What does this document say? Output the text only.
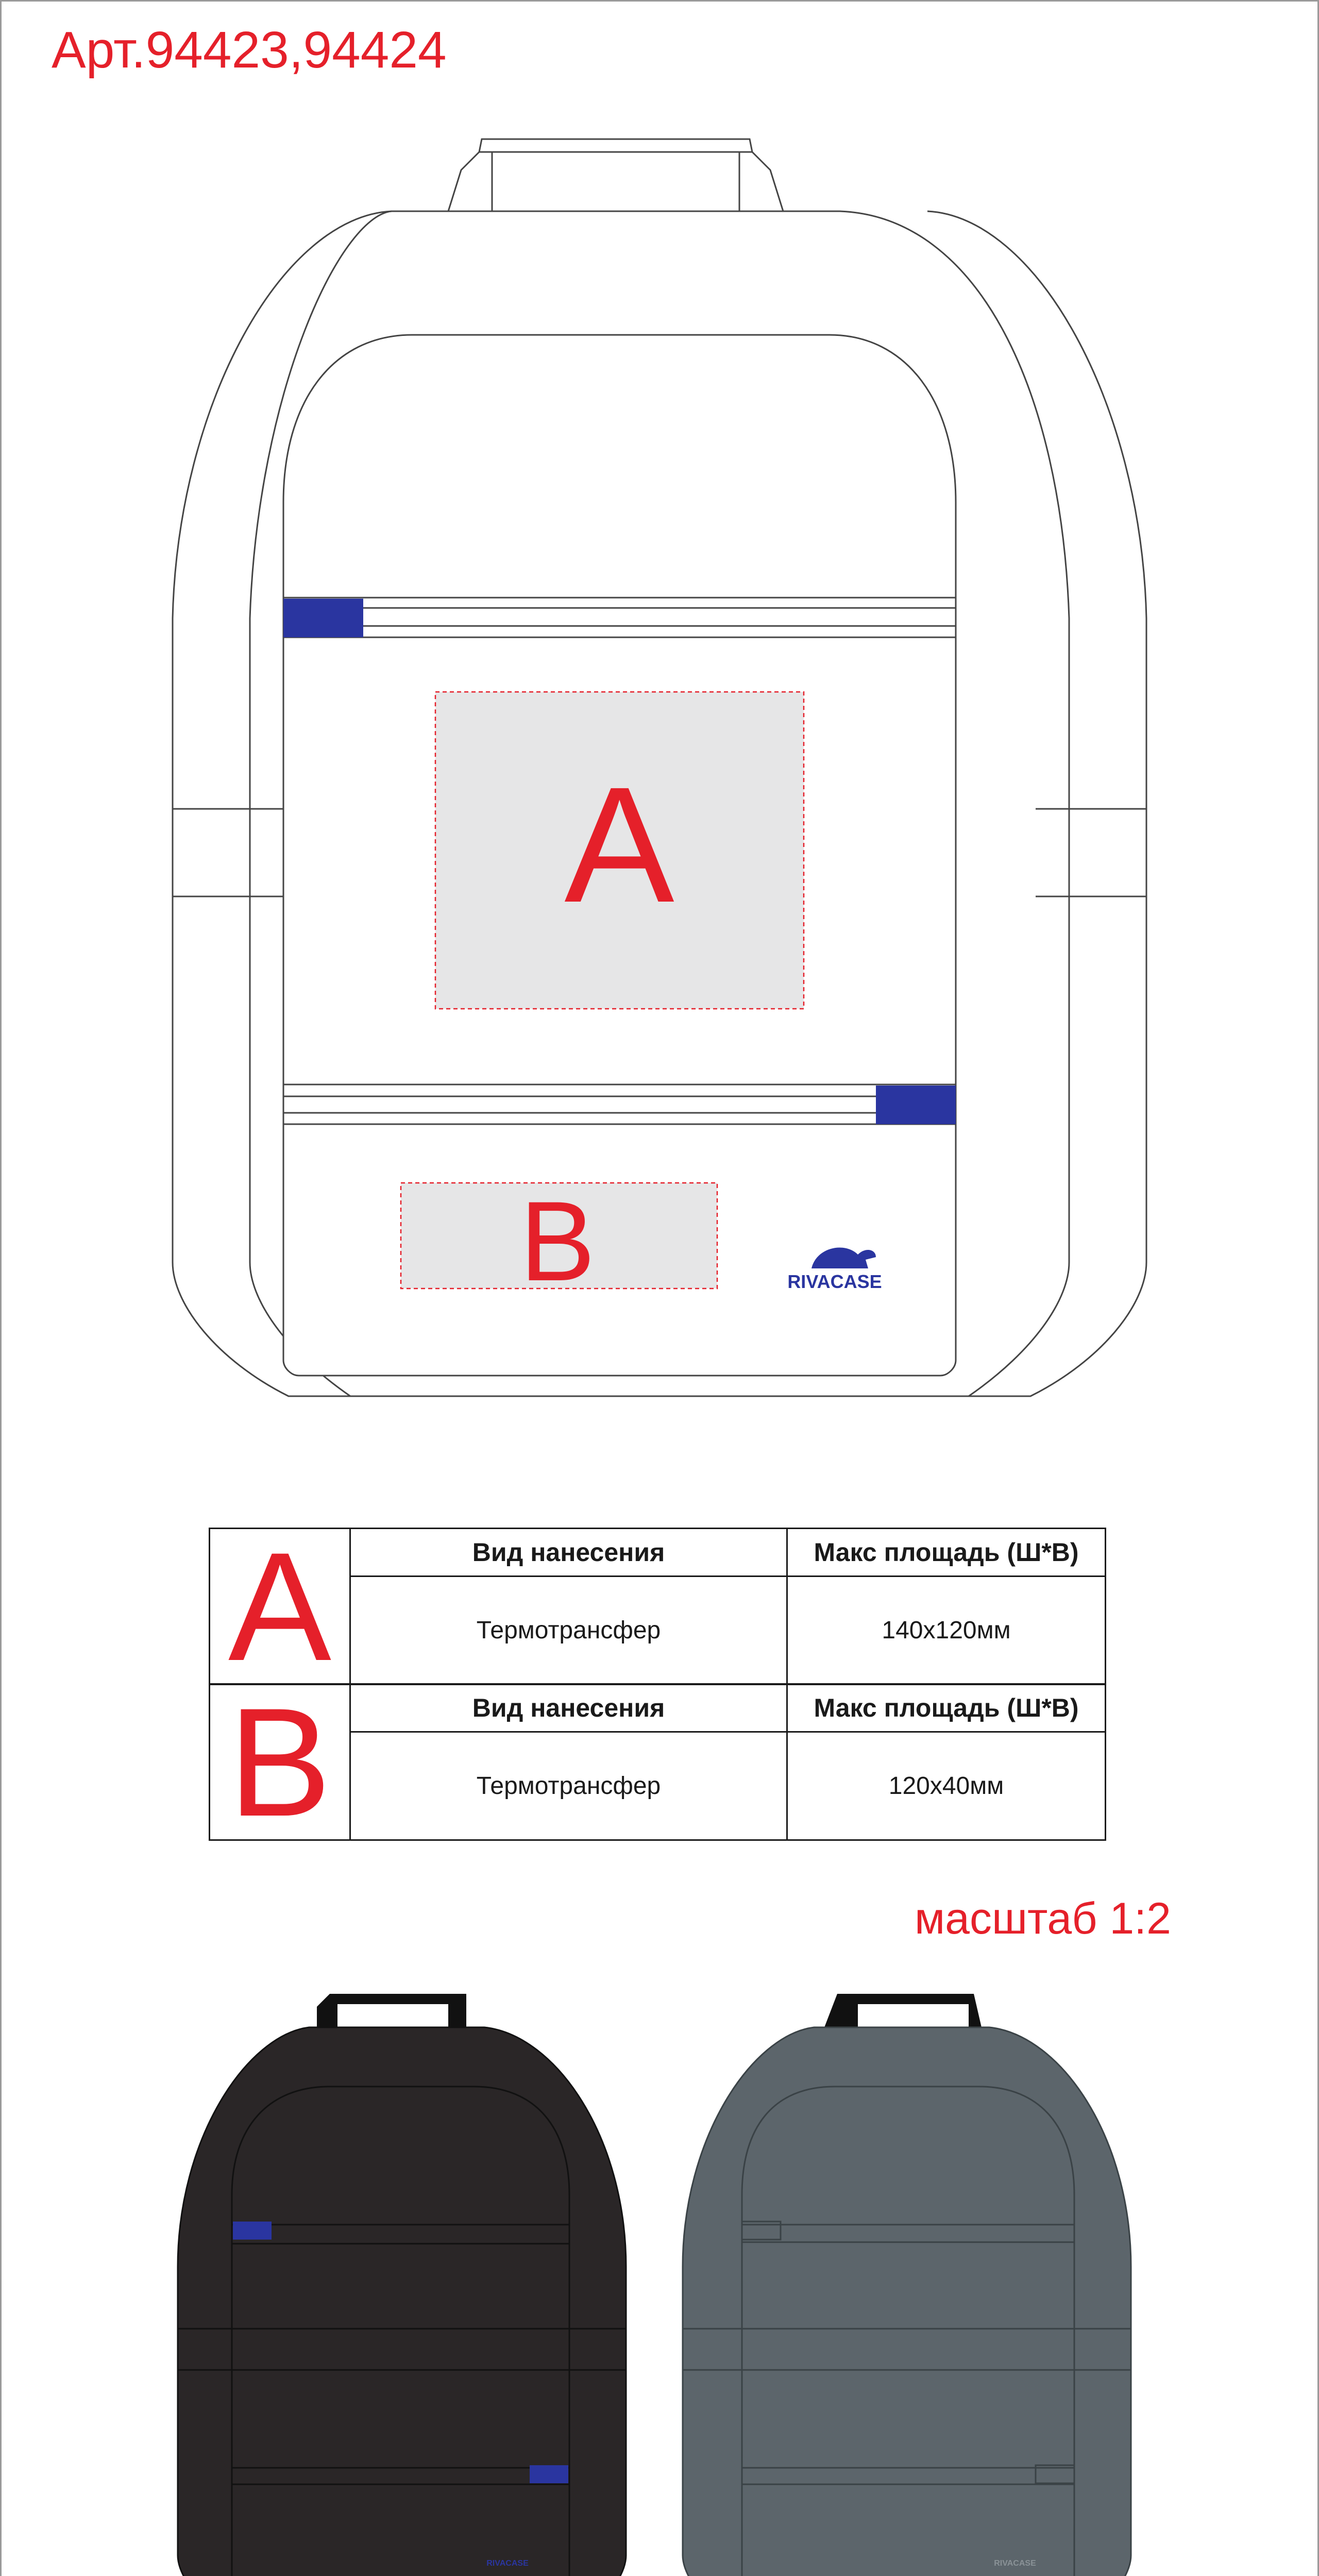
Арт.94423,94424
A
B	RIVACASE
RIVACASE	RIVACASE
A	Вид нанесения	Макс площадь (Ш*В)
	Термотрансфер	140x120мм
B	Вид нанесения	Макс площадь (Ш*В)
	Термотрансфер	120x40мм
масштаб 1:2
